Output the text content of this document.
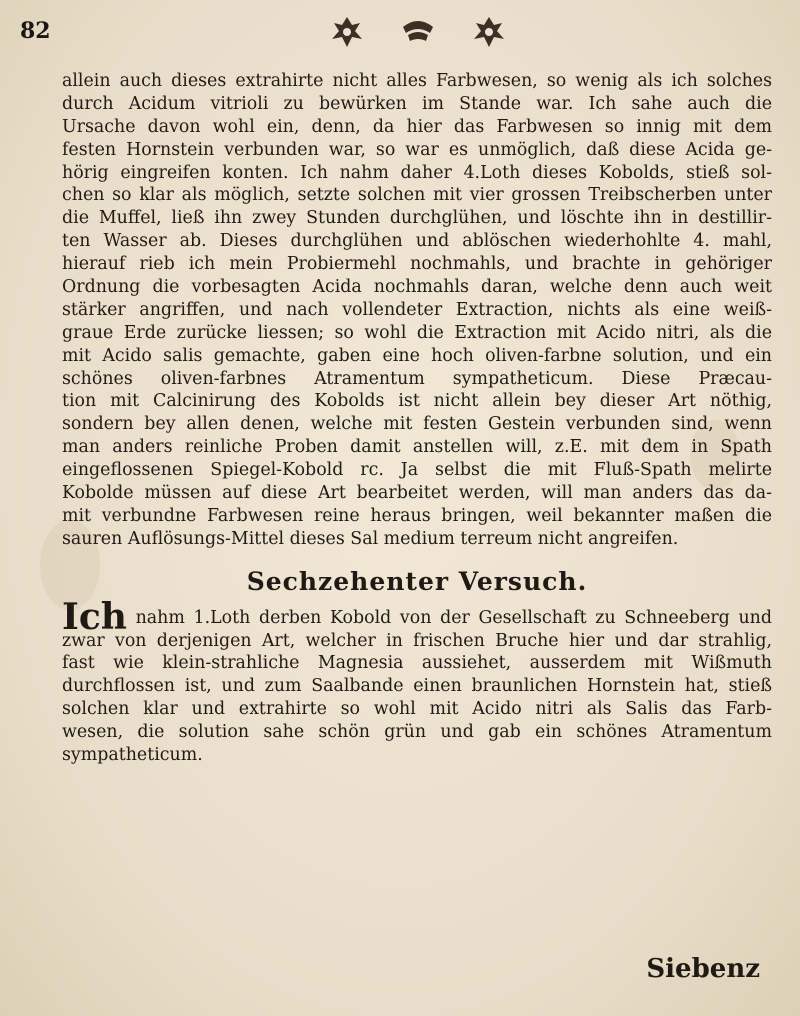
82
allein auch dieses extrahirte nicht alles Farbwesen, so wenig als ich solches
durch Acidum vitrioli zu bewürken im Stande war. Ich sahe auch die
Ursache davon wohl ein, denn, da hier das Farbwesen so innig mit dem
festen Hornstein verbunden war, so war es unmöglich, daß diese Acida ge-
hörig eingreifen konten. Ich nahm daher 4.Loth dieses Kobolds, stieß sol-
chen so klar als möglich, setzte solchen mit vier grossen Treibscherben unter
die Muffel, ließ ihn zwey Stunden durchglühen, und löschte ihn in destillir-
ten Wasser ab. Dieses durchglühen und ablöschen wiederhohlte 4. mahl,
hierauf rieb ich mein Probiermehl nochmahls, und brachte in gehöriger
Ordnung die vorbesagten Acida nochmahls daran, welche denn auch weit
stärker angriffen, und nach vollendeter Extraction, nichts als eine weiß-
graue Erde zurücke liessen; so wohl die Extraction mit Acido nitri, als die
mit Acido salis gemachte, gaben eine hoch oliven-farbne solution, und ein
schönes oliven-farbnes Atramentum sympatheticum. Diese Præcau-
tion mit Calcinirung des Kobolds ist nicht allein bey dieser Art nöthig,
sondern bey allen denen, welche mit festen Gestein verbunden sind, wenn
man anders reinliche Proben damit anstellen will, z.E. mit dem in Spath
eingeflossenen Spiegel-Kobold rc. Ja selbst die mit Fluß-Spath melirte
Kobolde müssen auf diese Art bearbeitet werden, will man anders das da-
mit verbundne Farbwesen reine heraus bringen, weil bekannter maßen die
sauren Auflösungs-Mittel dieses Sal medium terreum nicht angreifen.
Sechzehenter Versuch.
Ich nahm 1.Loth derben Kobold von der Gesellschaft zu Schneeberg und
zwar von derjenigen Art, welcher in frischen Bruche hier und dar strahlig,
fast wie klein-strahliche Magnesia aussiehet, ausserdem mit Wißmuth
durchflossen ist, und zum Saalbande einen braunlichen Hornstein hat, stieß
solchen klar und extrahirte so wohl mit Acido nitri als Salis das Farb-
wesen, die solution sahe schön grün und gab ein schönes Atramentum
sympatheticum.
Siebenz
